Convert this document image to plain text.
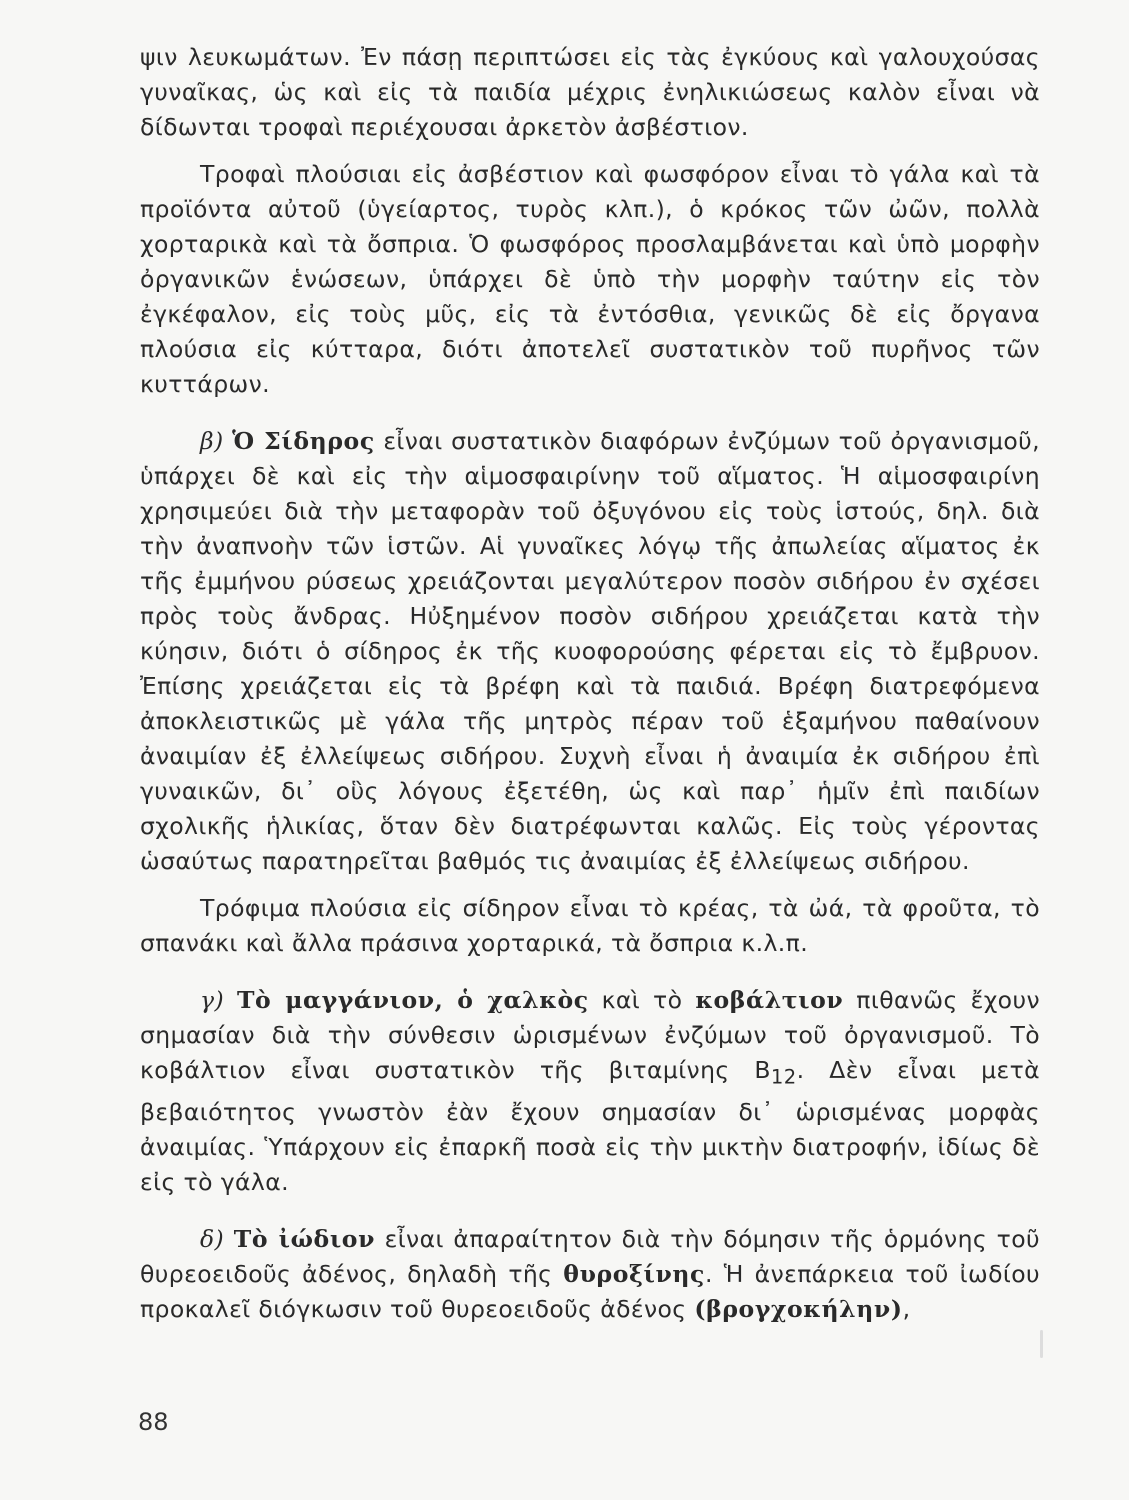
ψιν λευκωμάτων. Ἐν πάσῃ περιπτώσει εἰς τὰς ἐγκύους καὶ γαλουχούσας γυναῖκας, ὡς καὶ εἰς τὰ παιδία μέχρις ἐνηλικιώσεως καλὸν εἶναι νὰ δίδωνται τροφαὶ περιέχουσαι ἀρκετὸν ἀσβέστιον.

Τροφαὶ πλούσιαι εἰς ἀσβέστιον καὶ φωσφόρον εἶναι τὸ γάλα καὶ τὰ προϊόντα αὐτοῦ (ὑγείαρτος, τυρὸς κλπ.), ὁ κρόκος τῶν ὠῶν, πολλὰ χορταρικὰ καὶ τὰ ὄσπρια. Ὁ φωσφόρος προσλαμβάνεται καὶ ὑπὸ μορφὴν ὀργανικῶν ἑνώσεων, ὑπάρχει δὲ ὑπὸ τὴν μορφὴν ταύτην εἰς τὸν ἐγκέφαλον, εἰς τοὺς μῦς, εἰς τὰ ἐντόσθια, γενικῶς δὲ εἰς ὄργανα πλούσια εἰς κύτταρα, διότι ἀποτελεῖ συστατικὸν τοῦ πυρῆνος τῶν κυττάρων.

β) Ὁ Σίδηρος εἶναι συστατικὸν διαφόρων ἐνζύμων τοῦ ὀργανισμοῦ, ὑπάρχει δὲ καὶ εἰς τὴν αἱμοσφαιρίνην τοῦ αἵματος. Ἡ αἱμοσφαιρίνη χρησιμεύει διὰ τὴν μεταφορὰν τοῦ ὀξυγόνου εἰς τοὺς ἱστούς, δηλ. διὰ τὴν ἀναπνοὴν τῶν ἱστῶν. Αἱ γυναῖκες λόγῳ τῆς ἀπωλείας αἵματος ἐκ τῆς ἐμμήνου ρύσεως χρειάζονται μεγαλύτερον ποσὸν σιδήρου ἐν σχέσει πρὸς τοὺς ἄνδρας. Ηὐξημένον ποσὸν σιδήρου χρειάζεται κατὰ τὴν κύησιν, διότι ὁ σίδηρος ἐκ τῆς κυοφορούσης φέρεται εἰς τὸ ἔμβρυον. Ἐπίσης χρειάζεται εἰς τὰ βρέφη καὶ τὰ παιδιά. Βρέφη διατρεφόμενα ἀποκλειστικῶς μὲ γάλα τῆς μητρὸς πέραν τοῦ ἑξαμήνου παθαίνουν ἀναιμίαν ἐξ ἐλλείψεως σιδήρου. Συχνὴ εἶναι ἡ ἀναιμία ἐκ σιδήρου ἐπὶ γυναικῶν, δι᾽ οὓς λόγους ἐξετέθη, ὡς καὶ παρ᾽ ἡμῖν ἐπὶ παιδίων σχολικῆς ἡλικίας, ὅταν δὲν διατρέφωνται καλῶς. Εἰς τοὺς γέροντας ὡσαύτως παρατηρεῖται βαθμός τις ἀναιμίας ἐξ ἐλλείψεως σιδήρου.

Τρόφιμα πλούσια εἰς σίδηρον εἶναι τὸ κρέας, τὰ ὠά, τὰ φροῦτα, τὸ σπανάκι καὶ ἄλλα πράσινα χορταρικά, τὰ ὄσπρια κ.λ.π.

γ) Τὸ μαγγάνιον, ὁ χαλκὸς καὶ τὸ κοβάλτιον πιθανῶς ἔχουν σημασίαν διὰ τὴν σύνθεσιν ὡρισμένων ἐνζύμων τοῦ ὀργανισμοῦ. Τὸ κοβάλτιον εἶναι συστατικὸν τῆς βιταμίνης $B_{12}$. Δὲν εἶναι μετὰ βεβαιότητος γνωστὸν ἐὰν ἔχουν σημασίαν δι᾽ ὡρισμένας μορφὰς ἀναιμίας. Ὑπάρχουν εἰς ἐπαρκῆ ποσὰ εἰς τὴν μικτὴν διατροφήν, ἰδίως δὲ εἰς τὸ γάλα.

δ) Τὸ ἰώδιον εἶναι ἀπαραίτητον διὰ τὴν δόμησιν τῆς ὁρμόνης τοῦ θυρεοειδοῦς ἀδένος, δηλαδὴ τῆς θυροξίνης. Ἡ ἀνεπάρκεια τοῦ ἰωδίου προκαλεῖ διόγκωσιν τοῦ θυρεοειδοῦς ἀδένος (βρογχοκήλην),

88
